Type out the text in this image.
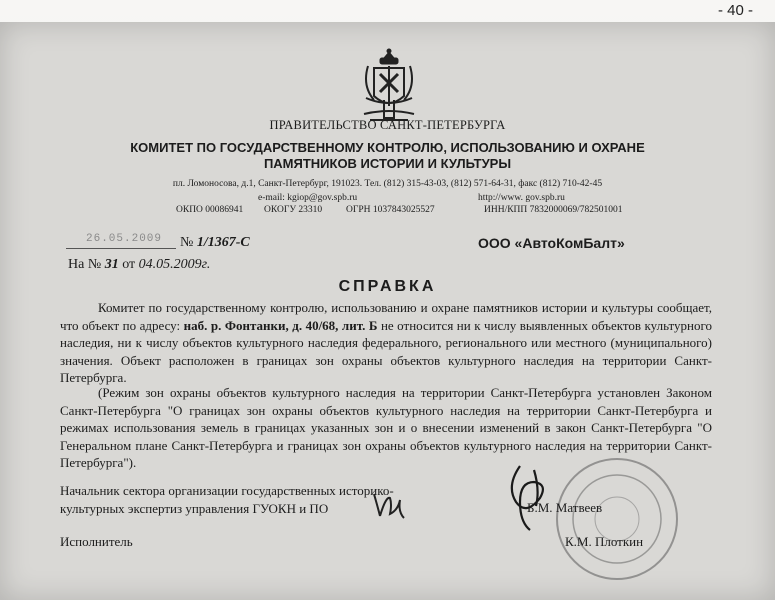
- 40 -
ПРАВИТЕЛЬСТВО САНКТ-ПЕТЕРБУРГА
КОМИТЕТ ПО ГОСУДАРСТВЕННОМУ КОНТРОЛЮ, ИСПОЛЬЗОВАНИЮ И ОХРАНЕ
ПАМЯТНИКОВ ИСТОРИИ И КУЛЬТУРЫ
пл. Ломоносова, д.1, Санкт-Петербург, 191023. Тел. (812) 315-43-03, (812) 571-64-31, факс (812) 710-42-45
e-mail: kgiop@gov.spb.ru	http://www. gov.spb.ru
ОКПО 00086941 ОКОГУ 23310	ОГРН 1037843025527	ИНН/КПП 7832000069/782501001
26.05.2009 № 1/1367-С	ООО «АвтоКомБалт»
На № 31 от 04.05.2009г.
СПРАВКА
Комитет по государственному контролю, использованию и охране памятников истории и культуры сообщает, что объект по адресу: наб. р. Фонтанки, д. 40/68, лит. Б не относится ни к числу выявленных объектов культурного наследия, ни к числу объектов культурного наследия федерального, регионального или местного (муниципального) значения. Объект расположен в границах зон охраны объектов культурного наследия на территории Санкт-Петербурга.
(Режим зон охраны объектов культурного наследия на территории Санкт-Петербурга установлен Законом Санкт-Петербурга "О границах зон охраны объектов культурного наследия на территории Санкт-Петербурга и режимах использования земель в границах указанных зон и о внесении изменений в закон Санкт-Петербурга "О Генеральном плане Санкт-Петербурга и границах зон охраны объектов культурного наследия на территории Санкт-Петербурга").
Начальник сектора организации государственных историко-культурных экспертиз управления ГУОКН и ПО	Б.М. Матвеев
Исполнитель	К.М. Плоткин
